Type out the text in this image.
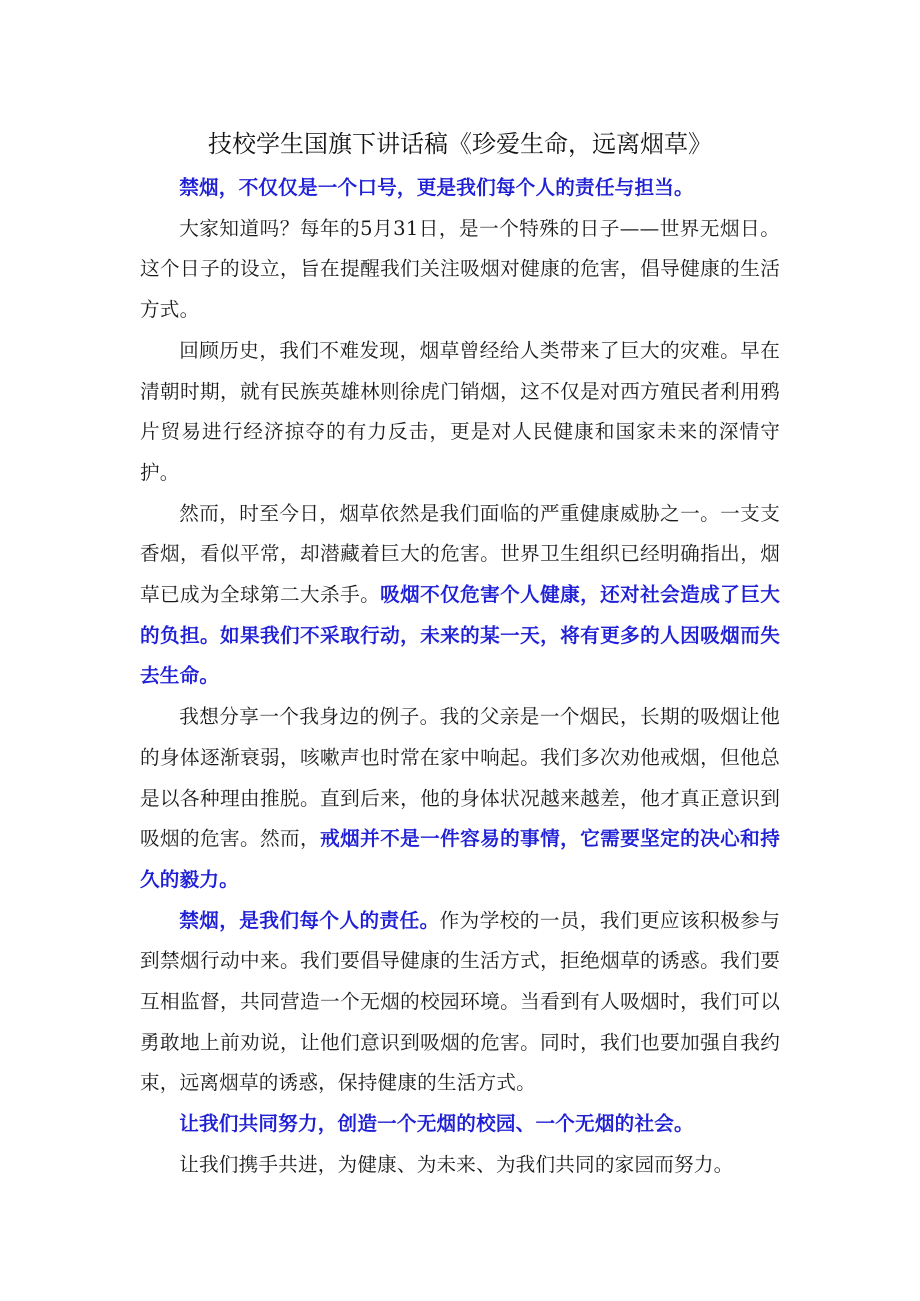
技校学生国旗下讲话稿《珍爱生命，远离烟草》

禁烟，不仅仅是一个口号，更是我们每个人的责任与担当。

大家知道吗？每年的5月31日，是一个特殊的日子——世界无烟日。这个日子的设立，旨在提醒我们关注吸烟对健康的危害，倡导健康的生活方式。

回顾历史，我们不难发现，烟草曾经给人类带来了巨大的灾难。早在清朝时期，就有民族英雄林则徐虎门销烟，这不仅是对西方殖民者利用鸦片贸易进行经济掠夺的有力反击，更是对人民健康和国家未来的深情守护。

然而，时至今日，烟草依然是我们面临的严重健康威胁之一。一支支香烟，看似平常，却潜藏着巨大的危害。世界卫生组织已经明确指出，烟草已成为全球第二大杀手。吸烟不仅危害个人健康，还对社会造成了巨大的负担。如果我们不采取行动，未来的某一天，将有更多的人因吸烟而失去生命。

我想分享一个我身边的例子。我的父亲是一个烟民，长期的吸烟让他的身体逐渐衰弱，咳嗽声也时常在家中响起。我们多次劝他戒烟，但他总是以各种理由推脱。直到后来，他的身体状况越来越差，他才真正意识到吸烟的危害。然而，戒烟并不是一件容易的事情，它需要坚定的决心和持久的毅力。

禁烟，是我们每个人的责任。作为学校的一员，我们更应该积极参与到禁烟行动中来。我们要倡导健康的生活方式，拒绝烟草的诱惑。我们要互相监督，共同营造一个无烟的校园环境。当看到有人吸烟时，我们可以勇敢地上前劝说，让他们意识到吸烟的危害。同时，我们也要加强自我约束，远离烟草的诱惑，保持健康的生活方式。

让我们共同努力，创造一个无烟的校园、一个无烟的社会。

让我们携手共进，为健康、为未来、为我们共同的家园而努力。
